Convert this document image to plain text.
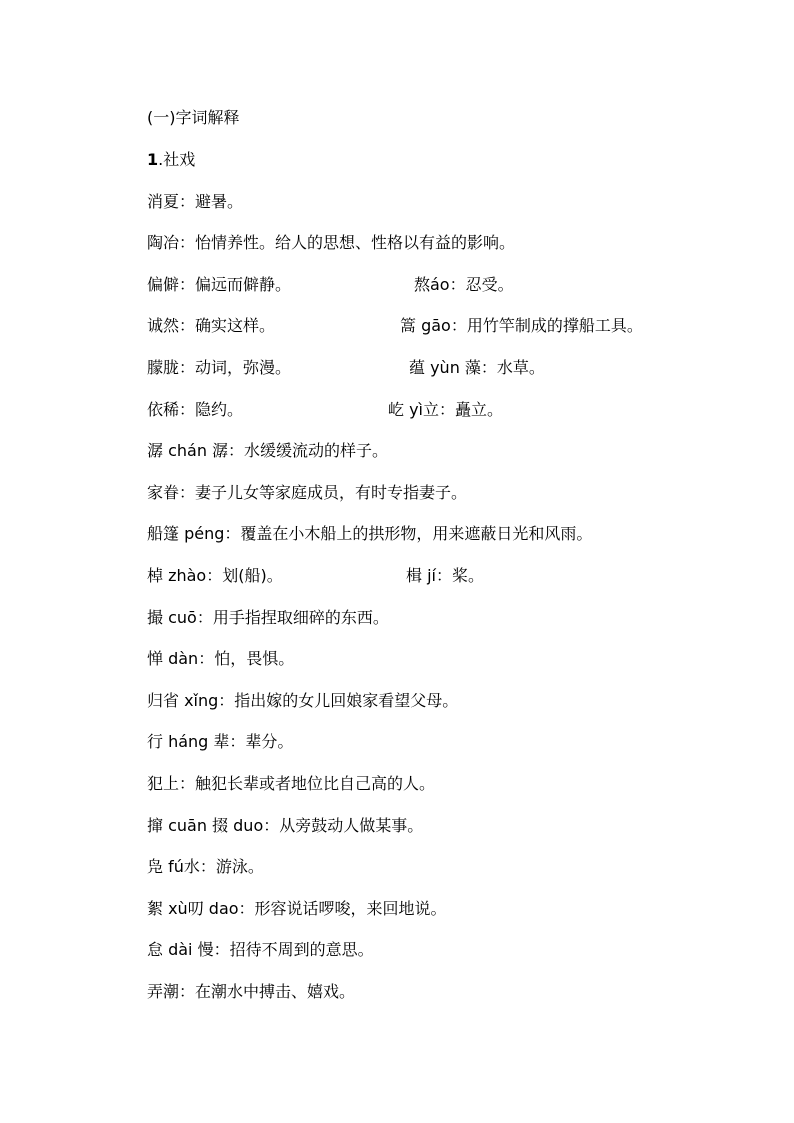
(一)字词解释

1.社戏

消夏：避暑。

陶冶：怡情养性。给人的思想、性格以有益的影响。

偏僻：偏远而僻静。	熬áo：忍受。

诚然：确实这样。	篙 gāo：用竹竿制成的撑船工具。

朦胧：动词，弥漫。	蕴 yùn 藻：水草。

依稀：隐约。	屹 yì立：矗立。

潺 chán 潺：水缓缓流动的样子。

家眷：妻子儿女等家庭成员，有时专指妻子。

船篷 péng：覆盖在小木船上的拱形物，用来遮蔽日光和风雨。

棹 zhào：划(船)。	楫 jí：桨。

撮 cuō：用手指捏取细碎的东西。

惮 dàn：怕，畏惧。

归省 xǐng：指出嫁的女儿回娘家看望父母。

行 háng 辈：辈分。

犯上：触犯长辈或者地位比自己高的人。

撺 cuān 掇 duo：从旁鼓动人做某事。

凫 fú水：游泳。

絮 xù叨 dao：形容说话啰唆，来回地说。

怠 dài 慢：招待不周到的意思。

弄潮：在潮水中搏击、嬉戏。
